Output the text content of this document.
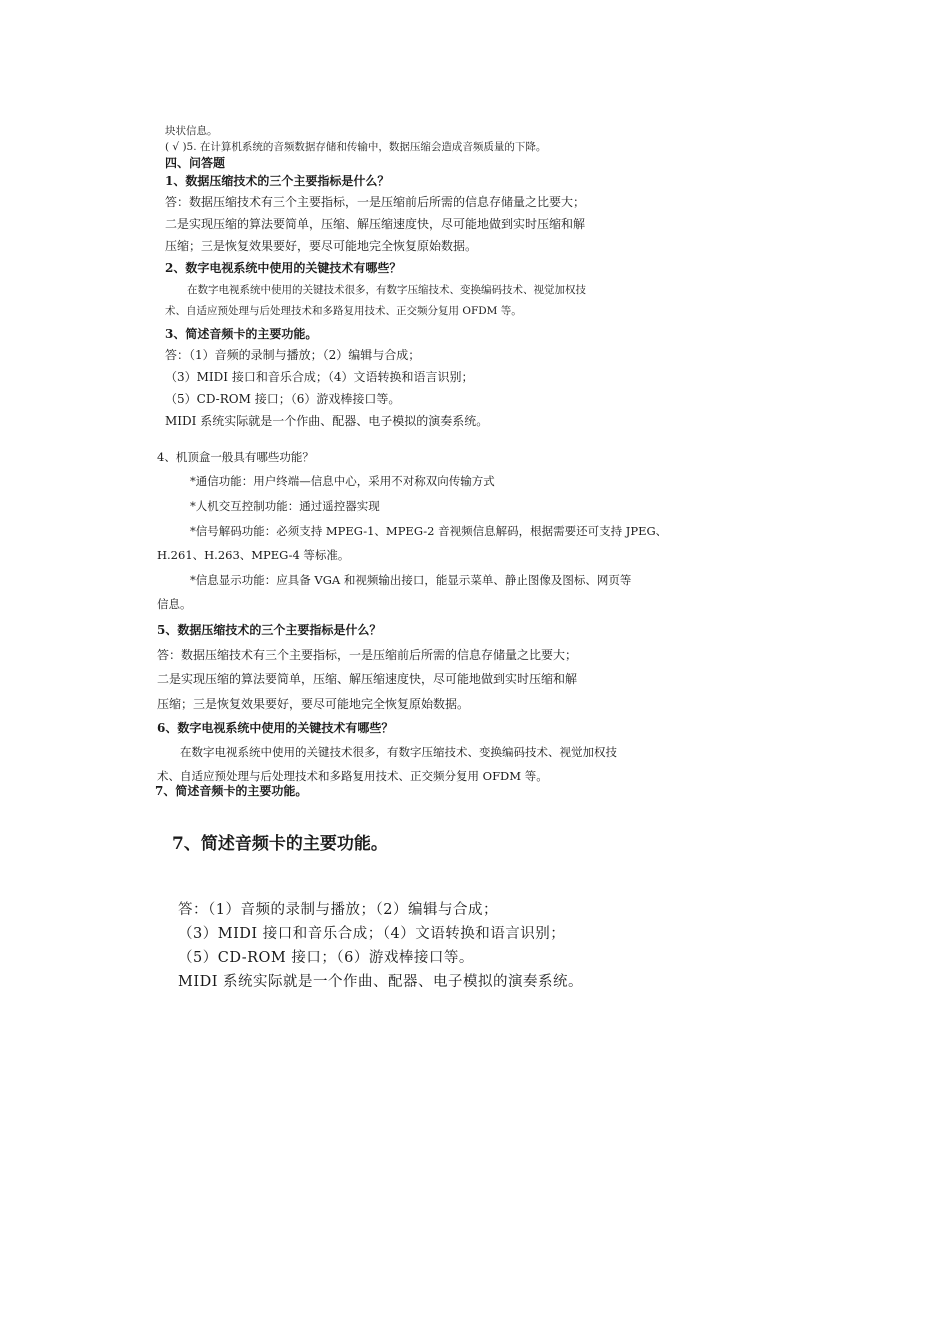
块状信息。
( √ )5. 在计算机系统的音频数据存储和传输中，数据压缩会造成音频质量的下降。
四、问答题
1、数据压缩技术的三个主要指标是什么？
答：数据压缩技术有三个主要指标，一是压缩前后所需的信息存储量之比要大；
二是实现压缩的算法要简单，压缩、解压缩速度快，尽可能地做到实时压缩和解
压缩；三是恢复效果要好，要尽可能地完全恢复原始数据。
2、数字电视系统中使用的关键技术有哪些？
在数字电视系统中使用的关键技术很多，有数字压缩技术、变换编码技术、视觉加权技
术、自适应预处理与后处理技术和多路复用技术、正交频分复用 OFDM 等。
3、简述音频卡的主要功能。
答：（1）音频的录制与播放；（2）编辑与合成；
（3）MIDI 接口和音乐合成；（4）文语转换和语言识别；
（5）CD-ROM 接口；（6）游戏棒接口等。
MIDI 系统实际就是一个作曲、配器、电子模拟的演奏系统。
4、机顶盒一般具有哪些功能？
*通信功能：用户终端—信息中心，采用不对称双向传输方式
*人机交互控制功能：通过遥控器实现
*信号解码功能：必须支持 MPEG-1、MPEG-2 音视频信息解码，根据需要还可支持 JPEG、
H.261、H.263、MPEG-4 等标准。
*信息显示功能：应具备 VGA 和视频输出接口，能显示菜单、静止图像及图标、网页等
信息。
5、数据压缩技术的三个主要指标是什么？
答：数据压缩技术有三个主要指标，一是压缩前后所需的信息存储量之比要大；
二是实现压缩的算法要简单，压缩、解压缩速度快，尽可能地做到实时压缩和解
压缩；三是恢复效果要好，要尽可能地完全恢复原始数据。
6、数字电视系统中使用的关键技术有哪些？
在数字电视系统中使用的关键技术很多，有数字压缩技术、变换编码技术、视觉加权技
术、自适应预处理与后处理技术和多路复用技术、正交频分复用 OFDM 等。
7、简述音频卡的主要功能。
7、简述音频卡的主要功能。
答：（1）音频的录制与播放；（2）编辑与合成；
（3）MIDI 接口和音乐合成；（4）文语转换和语言识别；
（5）CD-ROM 接口；（6）游戏棒接口等。
MIDI 系统实际就是一个作曲、配器、电子模拟的演奏系统。
